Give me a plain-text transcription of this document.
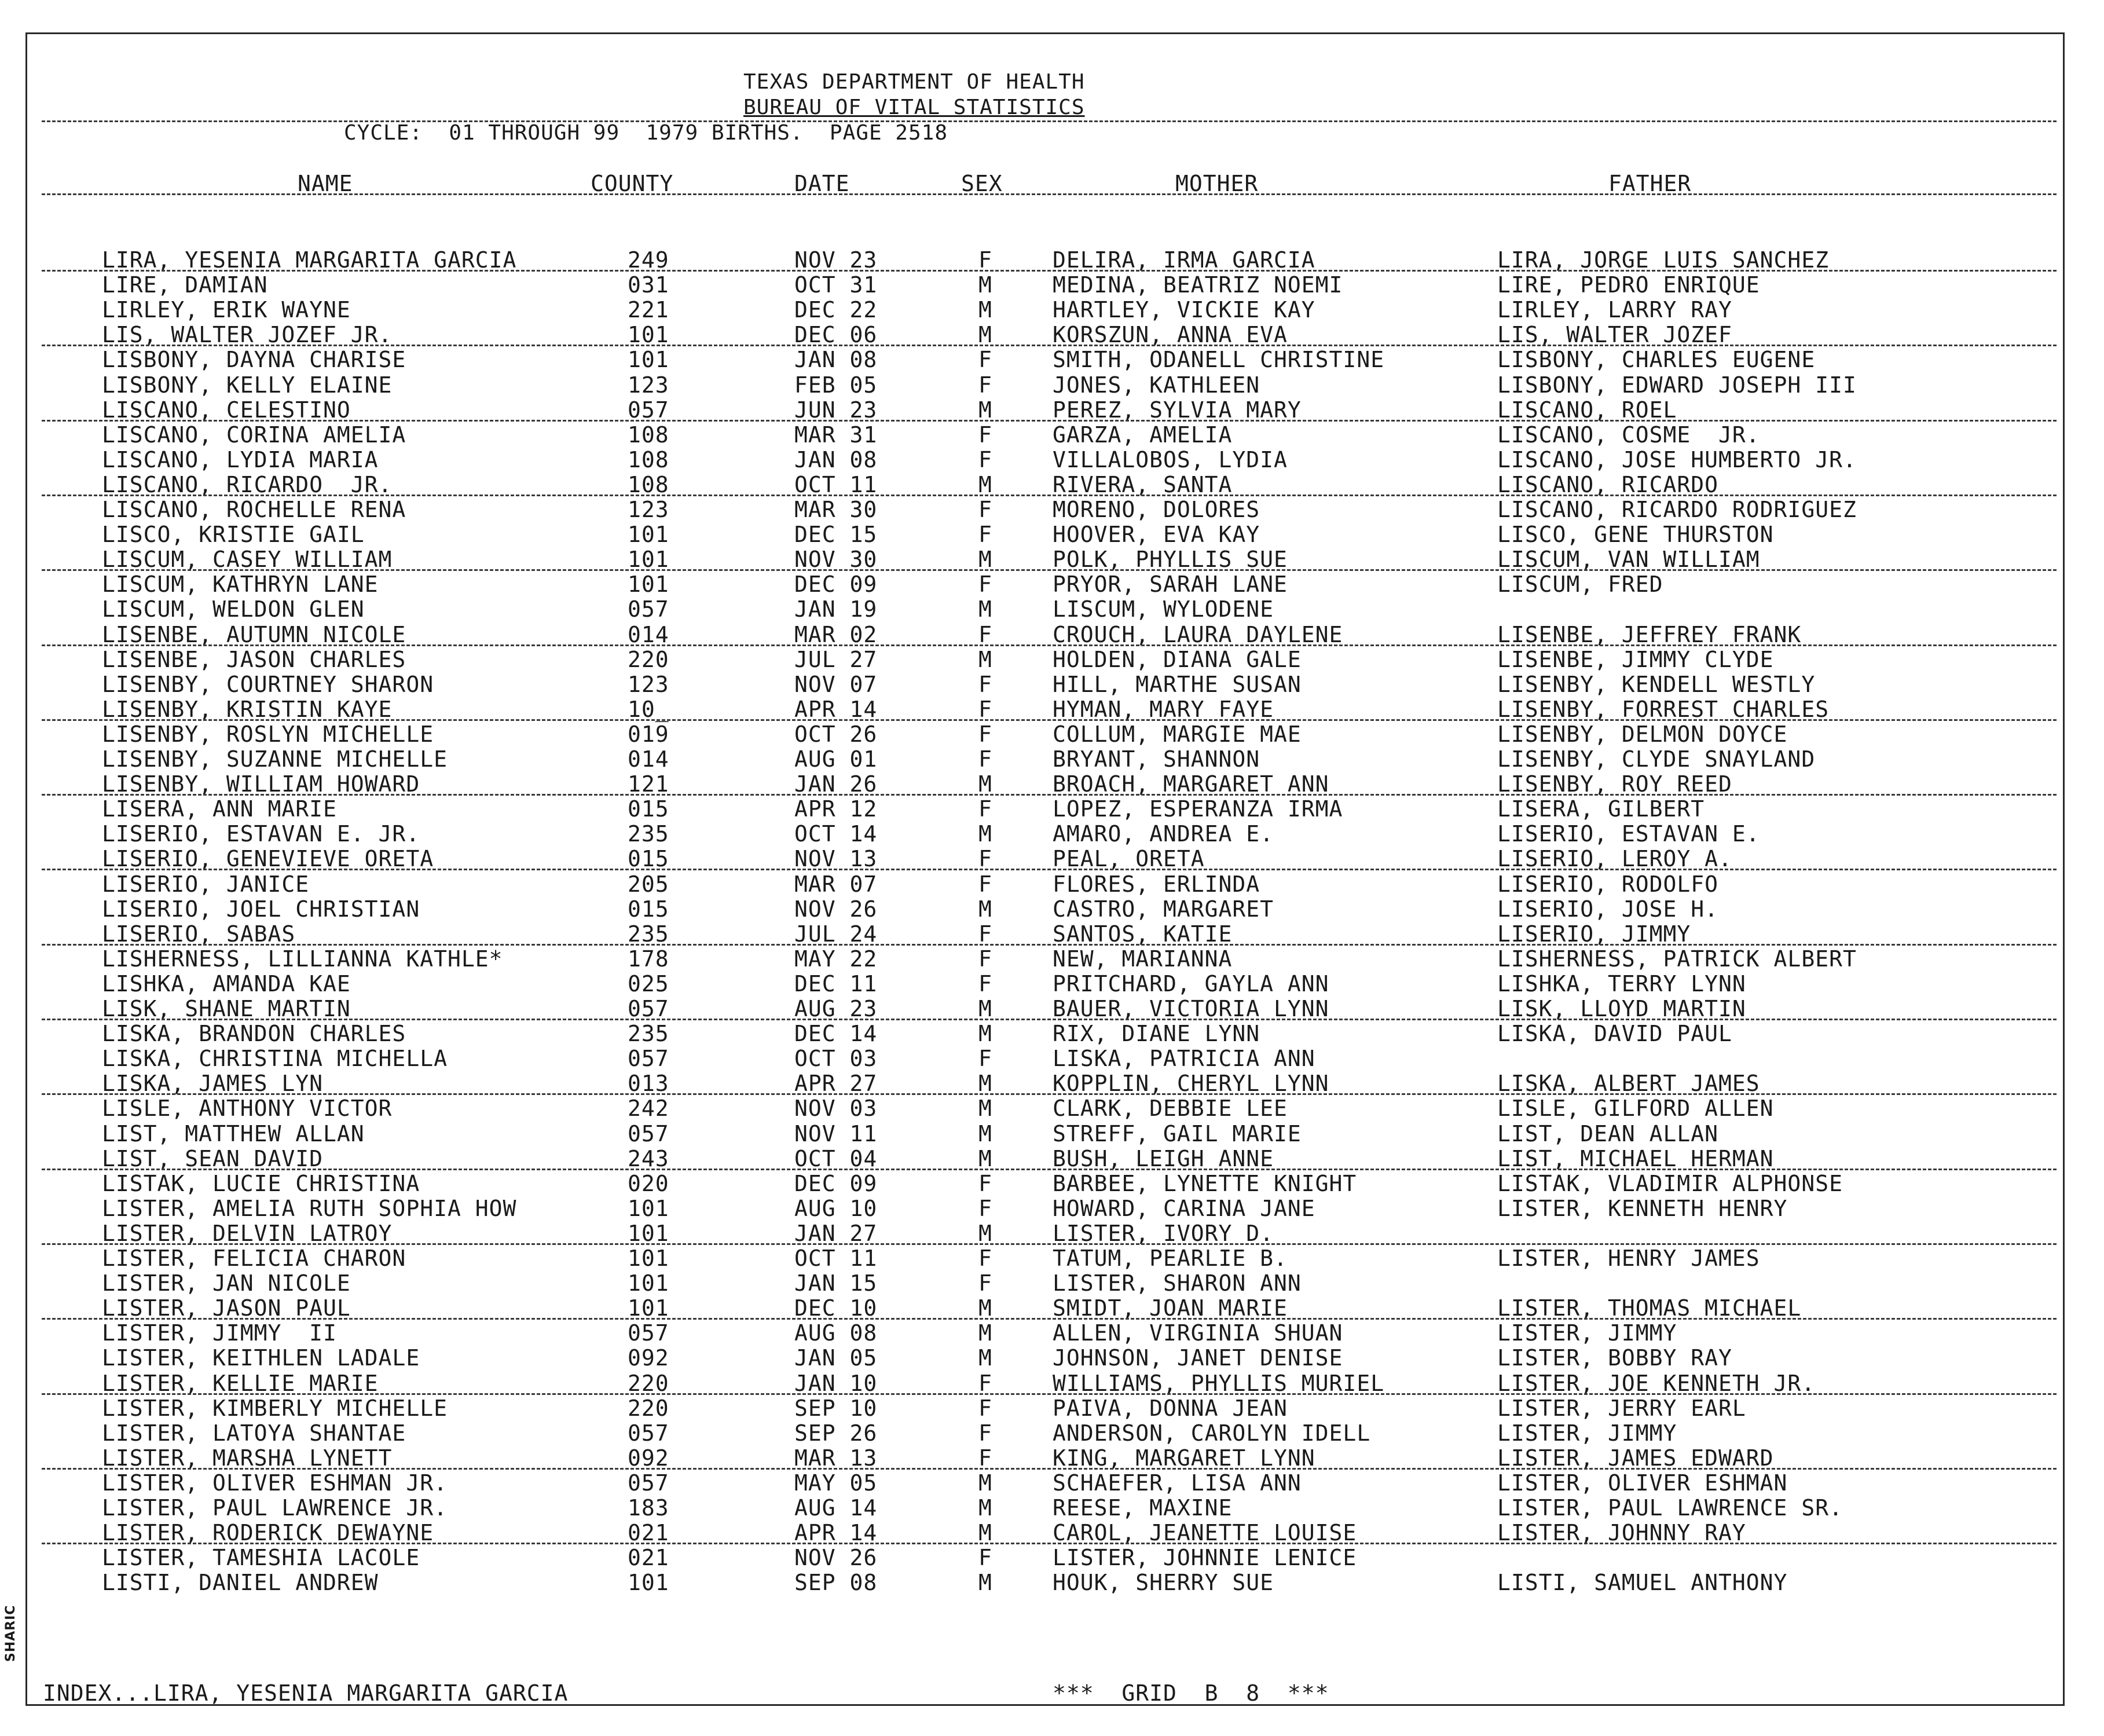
TEXAS DEPARTMENT OF HEALTH
BUREAU OF VITAL STATISTICS
CYCLE:  01 THROUGH 99  1979 BIRTHS.  PAGE 2518
NAME	COUNTY	DATE	SEX	MOTHER	FATHER
LIRA, YESENIA MARGARITA GARCIA	249	NOV 23	F	DELIRA, IRMA GARCIA	LIRA, JORGE LUIS SANCHEZ
LIRE, DAMIAN	031	OCT 31	M	MEDINA, BEATRIZ NOEMI	LIRE, PEDRO ENRIQUE
LIRLEY, ERIK WAYNE	221	DEC 22	M	HARTLEY, VICKIE KAY	LIRLEY, LARRY RAY
LIS, WALTER JOZEF JR.	101	DEC 06	M	KORSZUN, ANNA EVA	LIS, WALTER JOZEF
LISBONY, DAYNA CHARISE	101	JAN 08	F	SMITH, ODANELL CHRISTINE	LISBONY, CHARLES EUGENE
LISBONY, KELLY ELAINE	123	FEB 05	F	JONES, KATHLEEN	LISBONY, EDWARD JOSEPH III
LISCANO, CELESTINO	057	JUN 23	M	PEREZ, SYLVIA MARY	LISCANO, ROEL
LISCANO, CORINA AMELIA	108	MAR 31	F	GARZA, AMELIA	LISCANO, COSME  JR.
LISCANO, LYDIA MARIA	108	JAN 08	F	VILLALOBOS, LYDIA	LISCANO, JOSE HUMBERTO JR.
LISCANO, RICARDO  JR.	108	OCT 11	M	RIVERA, SANTA	LISCANO, RICARDO
LISCANO, ROCHELLE RENA	123	MAR 30	F	MORENO, DOLORES	LISCANO, RICARDO RODRIGUEZ
LISCO, KRISTIE GAIL	101	DEC 15	F	HOOVER, EVA KAY	LISCO, GENE THURSTON
LISCUM, CASEY WILLIAM	101	NOV 30	M	POLK, PHYLLIS SUE	LISCUM, VAN WILLIAM
LISCUM, KATHRYN LANE	101	DEC 09	F	PRYOR, SARAH LANE	LISCUM, FRED
LISCUM, WELDON GLEN	057	JAN 19	M	LISCUM, WYLODENE
LISENBE, AUTUMN NICOLE	014	MAR 02	F	CROUCH, LAURA DAYLENE	LISENBE, JEFFREY FRANK
LISENBE, JASON CHARLES	220	JUL 27	M	HOLDEN, DIANA GALE	LISENBE, JIMMY CLYDE
LISENBY, COURTNEY SHARON	123	NOV 07	F	HILL, MARTHE SUSAN	LISENBY, KENDELL WESTLY
LISENBY, KRISTIN KAYE	10_	APR 14	F	HYMAN, MARY FAYE	LISENBY, FORREST CHARLES
LISENBY, ROSLYN MICHELLE	019	OCT 26	F	COLLUM, MARGIE MAE	LISENBY, DELMON DOYCE
LISENBY, SUZANNE MICHELLE	014	AUG 01	F	BRYANT, SHANNON	LISENBY, CLYDE SNAYLAND
LISENBY, WILLIAM HOWARD	121	JAN 26	M	BROACH, MARGARET ANN	LISENBY, ROY REED
LISERA, ANN MARIE	015	APR 12	F	LOPEZ, ESPERANZA IRMA	LISERA, GILBERT
LISERIO, ESTAVAN E. JR.	235	OCT 14	M	AMARO, ANDREA E.	LISERIO, ESTAVAN E.
LISERIO, GENEVIEVE ORETA	015	NOV 13	F	PEAL, ORETA	LISERIO, LEROY A.
LISERIO, JANICE	205	MAR 07	F	FLORES, ERLINDA	LISERIO, RODOLFO
LISERIO, JOEL CHRISTIAN	015	NOV 26	M	CASTRO, MARGARET	LISERIO, JOSE H.
LISERIO, SABAS	235	JUL 24	F	SANTOS, KATIE	LISERIO, JIMMY
LISHERNESS, LILLIANNA KATHLE*	178	MAY 22	F	NEW, MARIANNA	LISHERNESS, PATRICK ALBERT
LISHKA, AMANDA KAE	025	DEC 11	F	PRITCHARD, GAYLA ANN	LISHKA, TERRY LYNN
LISK, SHANE MARTIN	057	AUG 23	M	BAUER, VICTORIA LYNN	LISK, LLOYD MARTIN
LISKA, BRANDON CHARLES	235	DEC 14	M	RIX, DIANE LYNN	LISKA, DAVID PAUL
LISKA, CHRISTINA MICHELLA	057	OCT 03	F	LISKA, PATRICIA ANN
LISKA, JAMES LYN	013	APR 27	M	KOPPLIN, CHERYL LYNN	LISKA, ALBERT JAMES
LISLE, ANTHONY VICTOR	242	NOV 03	M	CLARK, DEBBIE LEE	LISLE, GILFORD ALLEN
LIST, MATTHEW ALLAN	057	NOV 11	M	STREFF, GAIL MARIE	LIST, DEAN ALLAN
LIST, SEAN DAVID	243	OCT 04	M	BUSH, LEIGH ANNE	LIST, MICHAEL HERMAN
LISTAK, LUCIE CHRISTINA	020	DEC 09	F	BARBEE, LYNETTE KNIGHT	LISTAK, VLADIMIR ALPHONSE
LISTER, AMELIA RUTH SOPHIA HOW	101	AUG 10	F	HOWARD, CARINA JANE	LISTER, KENNETH HENRY
LISTER, DELVIN LATROY	101	JAN 27	M	LISTER, IVORY D.
LISTER, FELICIA CHARON	101	OCT 11	F	TATUM, PEARLIE B.	LISTER, HENRY JAMES
LISTER, JAN NICOLE	101	JAN 15	F	LISTER, SHARON ANN
LISTER, JASON PAUL	101	DEC 10	M	SMIDT, JOAN MARIE	LISTER, THOMAS MICHAEL
LISTER, JIMMY  II	057	AUG 08	M	ALLEN, VIRGINIA SHUAN	LISTER, JIMMY
LISTER, KEITHLEN LADALE	092	JAN 05	M	JOHNSON, JANET DENISE	LISTER, BOBBY RAY
LISTER, KELLIE MARIE	220	JAN 10	F	WILLIAMS, PHYLLIS MURIEL	LISTER, JOE KENNETH JR.
LISTER, KIMBERLY MICHELLE	220	SEP 10	F	PAIVA, DONNA JEAN	LISTER, JERRY EARL
LISTER, LATOYA SHANTAE	057	SEP 26	F	ANDERSON, CAROLYN IDELL	LISTER, JIMMY
LISTER, MARSHA LYNETT	092	MAR 13	F	KING, MARGARET LYNN	LISTER, JAMES EDWARD
LISTER, OLIVER ESHMAN JR.	057	MAY 05	M	SCHAEFER, LISA ANN	LISTER, OLIVER ESHMAN
LISTER, PAUL LAWRENCE JR.	183	AUG 14	M	REESE, MAXINE	LISTER, PAUL LAWRENCE SR.
LISTER, RODERICK DEWAYNE	021	APR 14	M	CAROL, JEANETTE LOUISE	LISTER, JOHNNY RAY
LISTER, TAMESHIA LACOLE	021	NOV 26	F	LISTER, JOHNNIE LENICE
LISTI, DANIEL ANDREW	101	SEP 08	M	HOUK, SHERRY SUE	LISTI, SAMUEL ANTHONY
INDEX...LIRA, YESENIA MARGARITA GARCIA	***  GRID  B  8  ***
SHARIC
